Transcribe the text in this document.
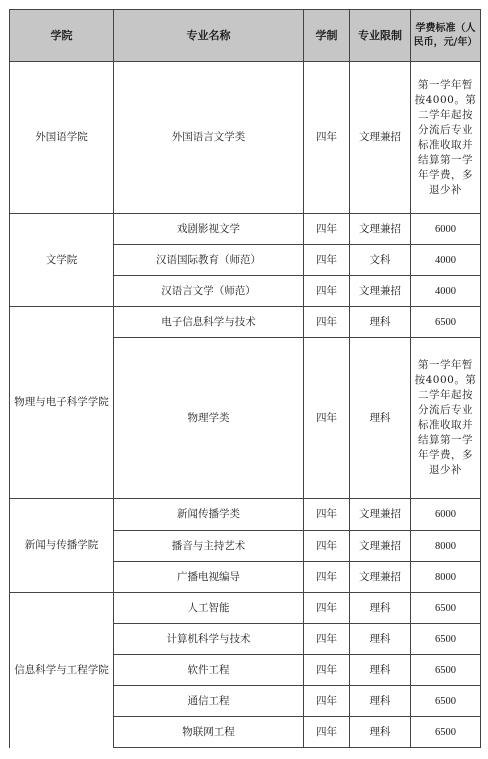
学院	专业名称	学制	专业限制	学费标准（人民币，元/年）
外国语学院	外国语言文学类	四年	文理兼招	第一学年暂按4000。第二学年起按分流后专业标准收取并结算第一学年学费，多退少补
文学院	戏剧影视文学	四年	文理兼招	6000
	汉语国际教育（师范）	四年	文科	4000
	汉语言文学（师范）	四年	文理兼招	4000
物理与电子科学学院	电子信息科学与技术	四年	理科	6500
	物理学类	四年	理科	第一学年暂按4000。第二学年起按分流后专业标准收取并结算第一学年学费，多退少补
新闻与传播学院	新闻传播学类	四年	文理兼招	6000
	播音与主持艺术	四年	文理兼招	8000
	广播电视编导	四年	文理兼招	8000
信息科学与工程学院	人工智能	四年	理科	6500
	计算机科学与技术	四年	理科	6500
	软件工程	四年	理科	6500
	通信工程	四年	理科	6500
	物联网工程	四年	理科	6500
